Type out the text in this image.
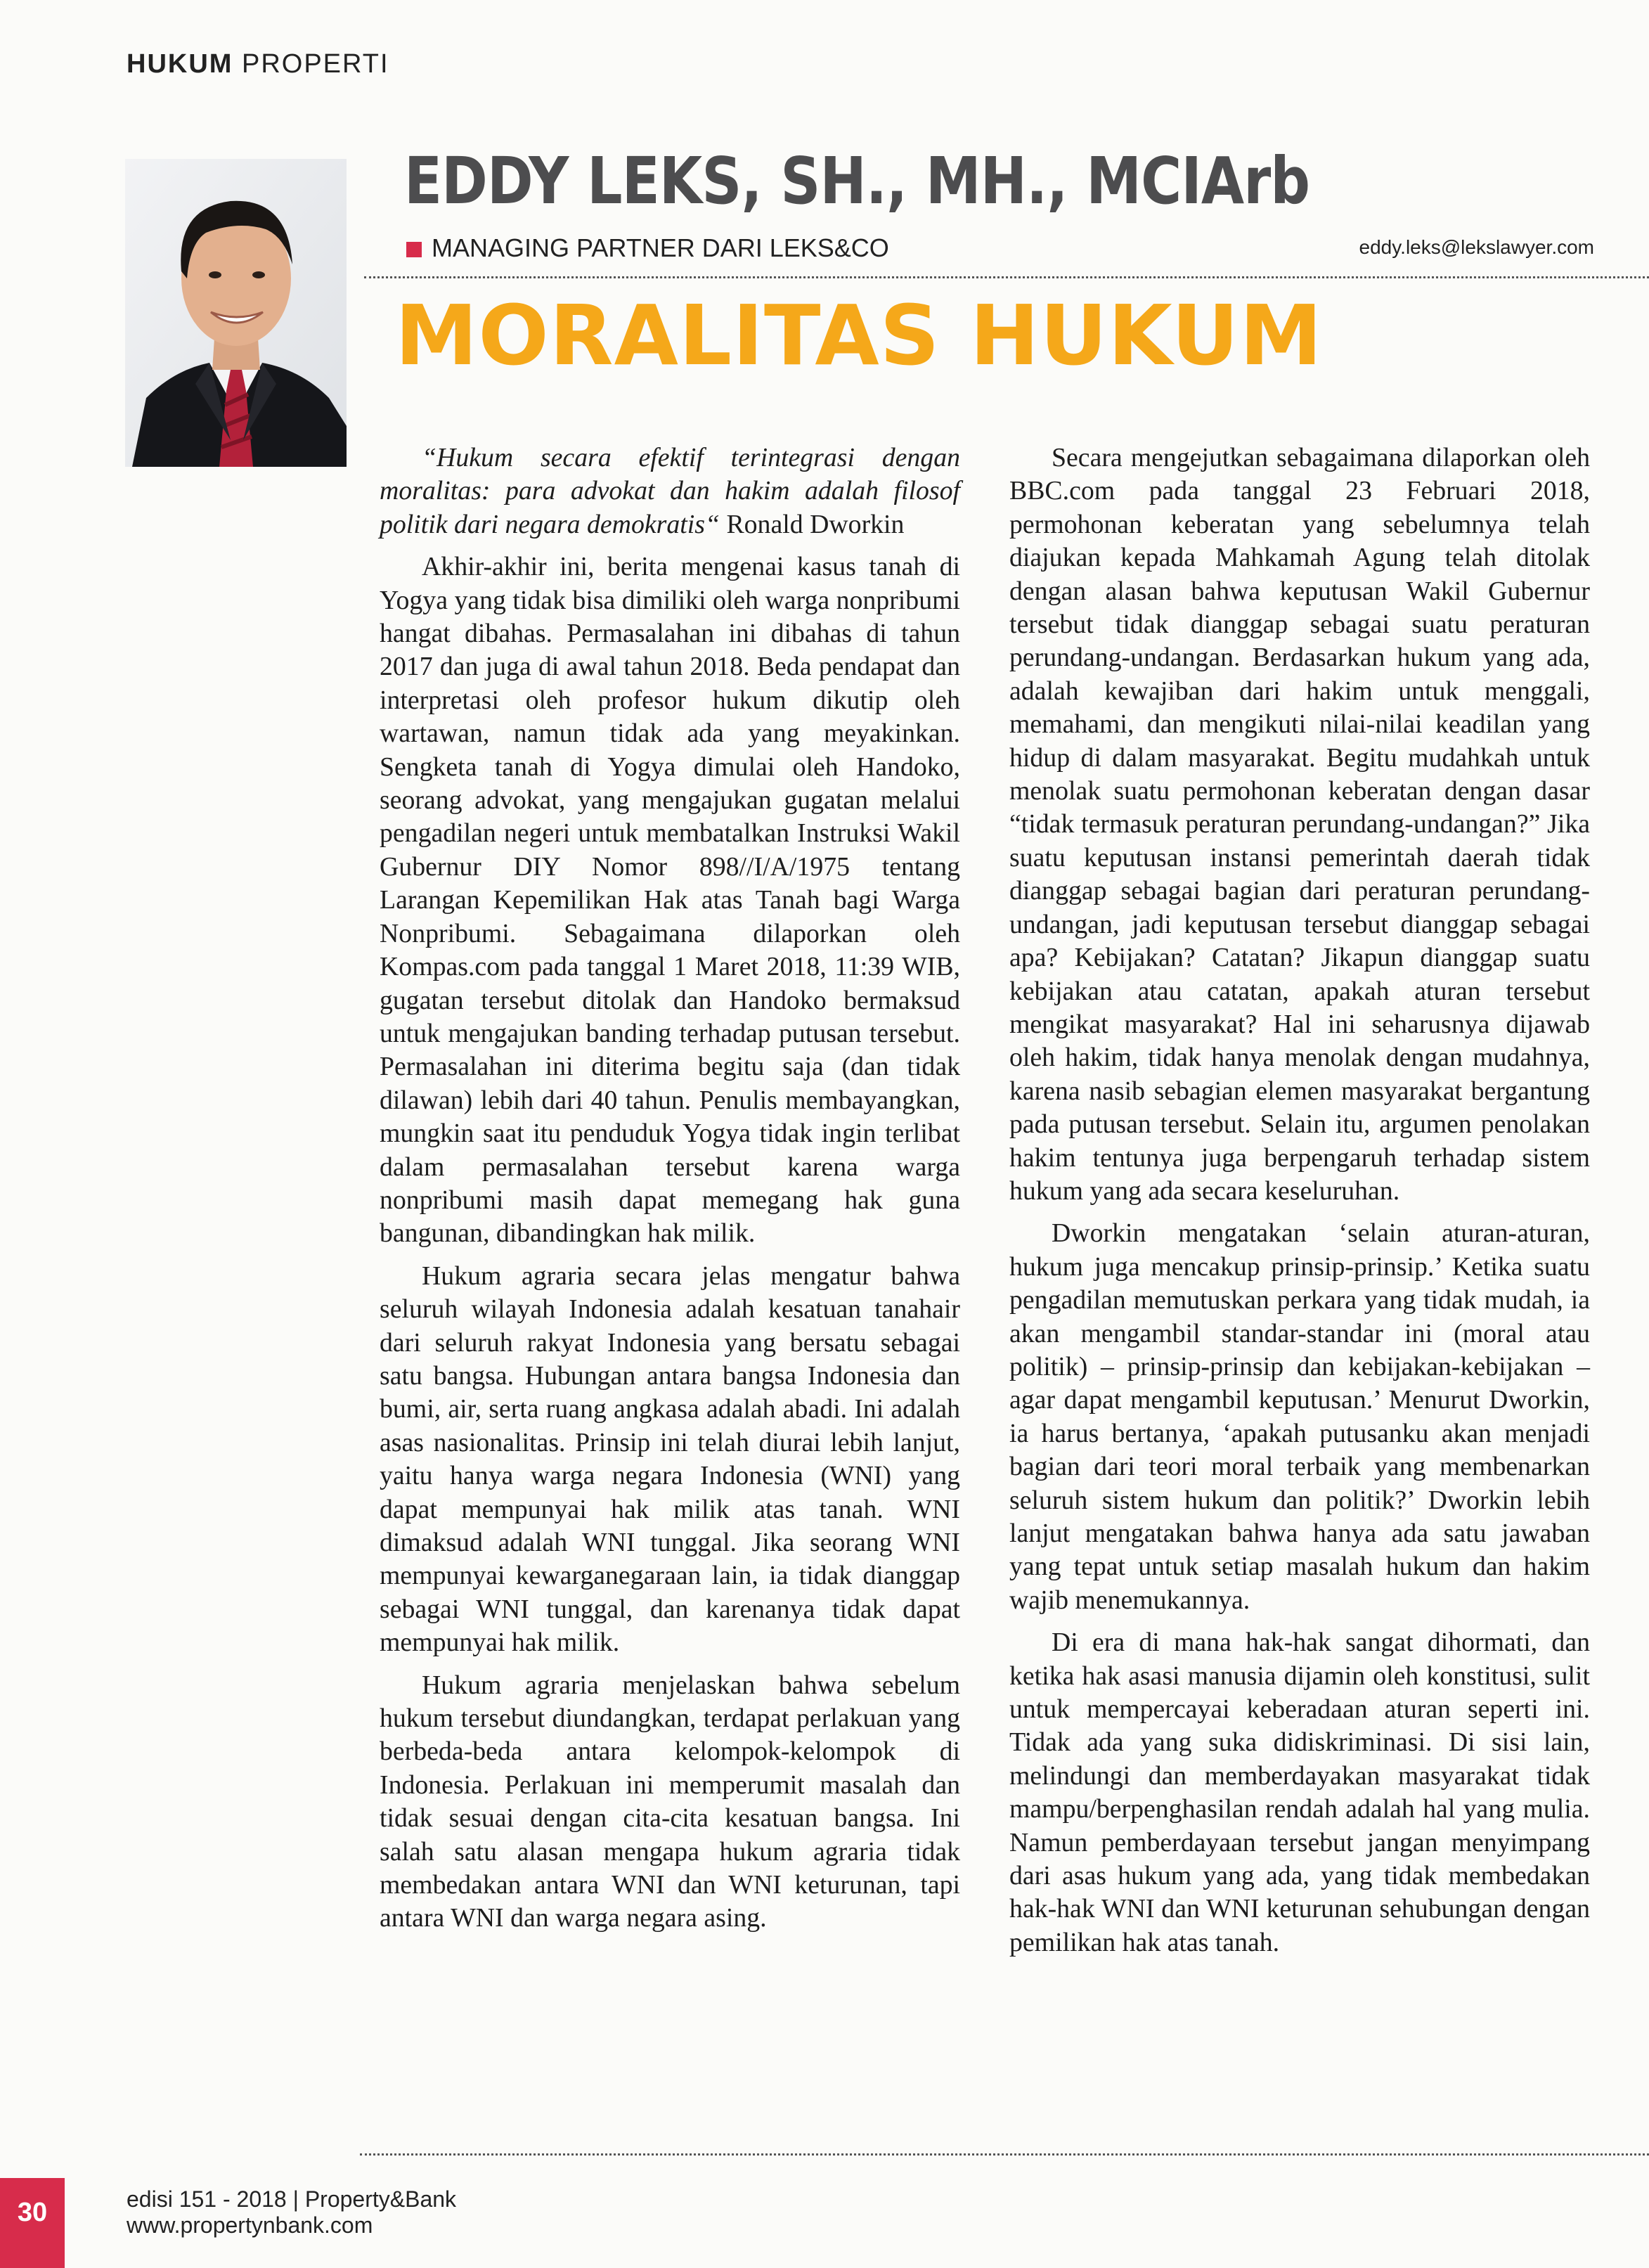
HUKUM PROPERTI
EDDY LEKS, SH., MH., MCIArb
MANAGING PARTNER DARI LEKS&CO	eddy.leks@lekslawyer.com
MORALITAS HUKUM

“Hukum secara efektif terintegrasi dengan moralitas: para advokat dan hakim adalah filosof politik dari negara demokratis“ Ronald Dworkin

Akhir-akhir ini, berita mengenai kasus tanah di Yogya yang tidak bisa dimiliki oleh warga nonpribumi hangat dibahas. Permasalahan ini dibahas di tahun 2017 dan juga di awal tahun 2018. Beda pendapat dan interpretasi oleh profesor hukum dikutip oleh wartawan, namun tidak ada yang meyakinkan. Sengketa tanah di Yogya dimulai oleh Handoko, seorang advokat, yang mengajukan gugatan melalui pengadilan negeri untuk membatalkan Instruksi Wakil Gubernur DIY Nomor 898//I/A/1975 tentang Larangan Kepemilikan Hak atas Tanah bagi Warga Nonpribumi. Sebagaimana dilaporkan oleh Kompas.com pada tanggal 1 Maret 2018, 11:39 WIB, gugatan tersebut ditolak dan Handoko bermaksud untuk mengajukan banding terhadap putusan tersebut. Permasalahan ini diterima begitu saja (dan tidak dilawan) lebih dari 40 tahun. Penulis membayangkan, mungkin saat itu penduduk Yogya tidak ingin terlibat dalam permasalahan tersebut karena warga nonpribumi masih dapat memegang hak guna bangunan, dibandingkan hak milik.

Hukum agraria secara jelas mengatur bahwa seluruh wilayah Indonesia adalah kesatuan tanahair dari seluruh rakyat Indonesia yang bersatu sebagai satu bangsa. Hubungan antara bangsa Indonesia dan bumi, air, serta ruang angkasa adalah abadi. Ini adalah asas nasionalitas. Prinsip ini telah diurai lebih lanjut, yaitu hanya warga negara Indonesia (WNI) yang dapat mempunyai hak milik atas tanah. WNI dimaksud adalah WNI tunggal. Jika seorang WNI mempunyai kewarganegaraan lain, ia tidak dianggap sebagai WNI tunggal, dan karenanya tidak dapat mempunyai hak milik.

Hukum agraria menjelaskan bahwa sebelum hukum tersebut diundangkan, terdapat perlakuan yang berbeda-beda antara kelompok-kelompok di Indonesia. Perlakuan ini memperumit masalah dan tidak sesuai dengan cita-cita kesatuan bangsa. Ini salah satu alasan mengapa hukum agraria tidak membedakan antara WNI dan WNI keturunan, tapi antara WNI dan warga negara asing.

Secara mengejutkan sebagaimana dilaporkan oleh BBC.com pada tanggal 23 Februari 2018, permohonan keberatan yang sebelumnya telah diajukan kepada Mahkamah Agung telah ditolak dengan alasan bahwa keputusan Wakil Gubernur tersebut tidak dianggap sebagai suatu peraturan perundang-undangan. Berdasarkan hukum yang ada, adalah kewajiban dari hakim untuk menggali, memahami, dan mengikuti nilai-nilai keadilan yang hidup di dalam masyarakat. Begitu mudahkah untuk menolak suatu permohonan keberatan dengan dasar “tidak termasuk peraturan perundang-undangan?” Jika suatu keputusan instansi pemerintah daerah tidak dianggap sebagai bagian dari peraturan perundang-undangan, jadi keputusan tersebut dianggap sebagai apa? Kebijakan? Catatan? Jikapun dianggap suatu kebijakan atau catatan, apakah aturan tersebut mengikat masyarakat? Hal ini seharusnya dijawab oleh hakim, tidak hanya menolak dengan mudahnya, karena nasib sebagian elemen masyarakat bergantung pada putusan tersebut. Selain itu, argumen penolakan hakim tentunya juga berpengaruh terhadap sistem hukum yang ada secara keseluruhan.

Dworkin mengatakan ‘selain aturan-aturan, hukum juga mencakup prinsip-prinsip.’ Ketika suatu pengadilan memutuskan perkara yang tidak mudah, ia akan mengambil standar-standar ini (moral atau politik) – prinsip-prinsip dan kebijakan-kebijakan – agar dapat mengambil keputusan.’ Menurut Dworkin, ia harus bertanya, ‘apakah putusanku akan menjadi bagian dari teori moral terbaik yang membenarkan seluruh sistem hukum dan politik?’ Dworkin lebih lanjut mengatakan bahwa hanya ada satu jawaban yang tepat untuk setiap masalah hukum dan hakim wajib menemukannya.

Di era di mana hak-hak sangat dihormati, dan ketika hak asasi manusia dijamin oleh konstitusi, sulit untuk mempercayai keberadaan aturan seperti ini. Tidak ada yang suka didiskriminasi. Di sisi lain, melindungi dan memberdayakan masyarakat tidak mampu/berpenghasilan rendah adalah hal yang mulia. Namun pemberdayaan tersebut jangan menyimpang dari asas hukum yang ada, yang tidak membedakan hak-hak WNI dan WNI keturunan sehubungan dengan pemilikan hak atas tanah.

30	edisi 151 - 2018 | Property&Bank
www.propertynbank.com
